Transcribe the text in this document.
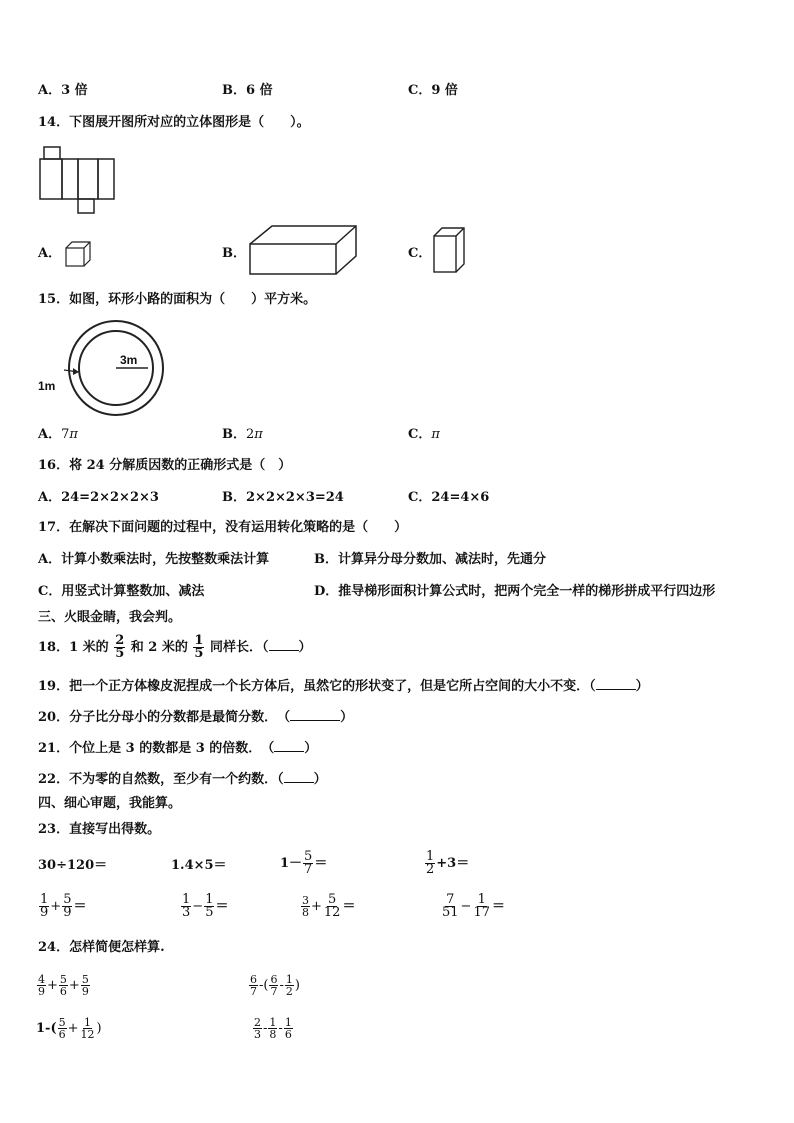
A．3 倍	B．6 倍	C．9 倍
14．下图展开图所对应的立体图形是（　　）。
A．	B．	C．
15．如图，环形小路的面积为（　　）平方米。
3m
1m
A．7π	B．2π	C．π
16．将 24 分解质因数的正确形式是（　）
A．24=2×2×2×3	B．2×2×2×3=24	C．24=4×6
17．在解决下面问题的过程中，没有运用转化策略的是（　　）
A．计算小数乘法时，先按整数乘法计算	B．计算异分母分数加、减法时，先通分
C．用竖式计算整数加、减法	D．推导梯形面积计算公式时，把两个完全一样的梯形拼成平行四边形
三、火眼金睛，我会判。
18．1 米的 $\frac{2}{5}$ 和 2 米的 $\frac{1}{5}$ 同样长．（ ）
19．把一个正方体橡皮泥捏成一个长方体后，虽然它的形状变了，但是它所占空间的大小不变．（	）
20．分子比分母小的分数都是最简分数．　（	）
21．个位上是 3 的数都是 3 的倍数．　（ ）
22．不为零的自然数，至少有一个约数．（ ）
四、细心审题，我能算。
23．直接写出得数。
30÷120＝	1.4×5＝	$1- \frac{5}{7}$ ＝	$\frac{1}{2} +3=$
$\frac{1}{9} + \frac{5}{9}$ ＝	$\frac{1}{3} - \frac{1}{5}$ ＝	$\frac{3}{8} + \frac{5}{12}$ ＝	$\frac{7}{51} - \frac{1}{17}$ ＝
24．怎样简便怎样算.
$\frac{4}{9} + \frac{5}{6} + \frac{5}{9}$	$\frac{6}{7}$ -( $\frac{6}{7} - \frac{1}{2}$ )
$1-( \frac{5}{6} + \frac{1}{12}$ )	$\frac{2}{3} - \frac{1}{8} - \frac{1}{6}$
